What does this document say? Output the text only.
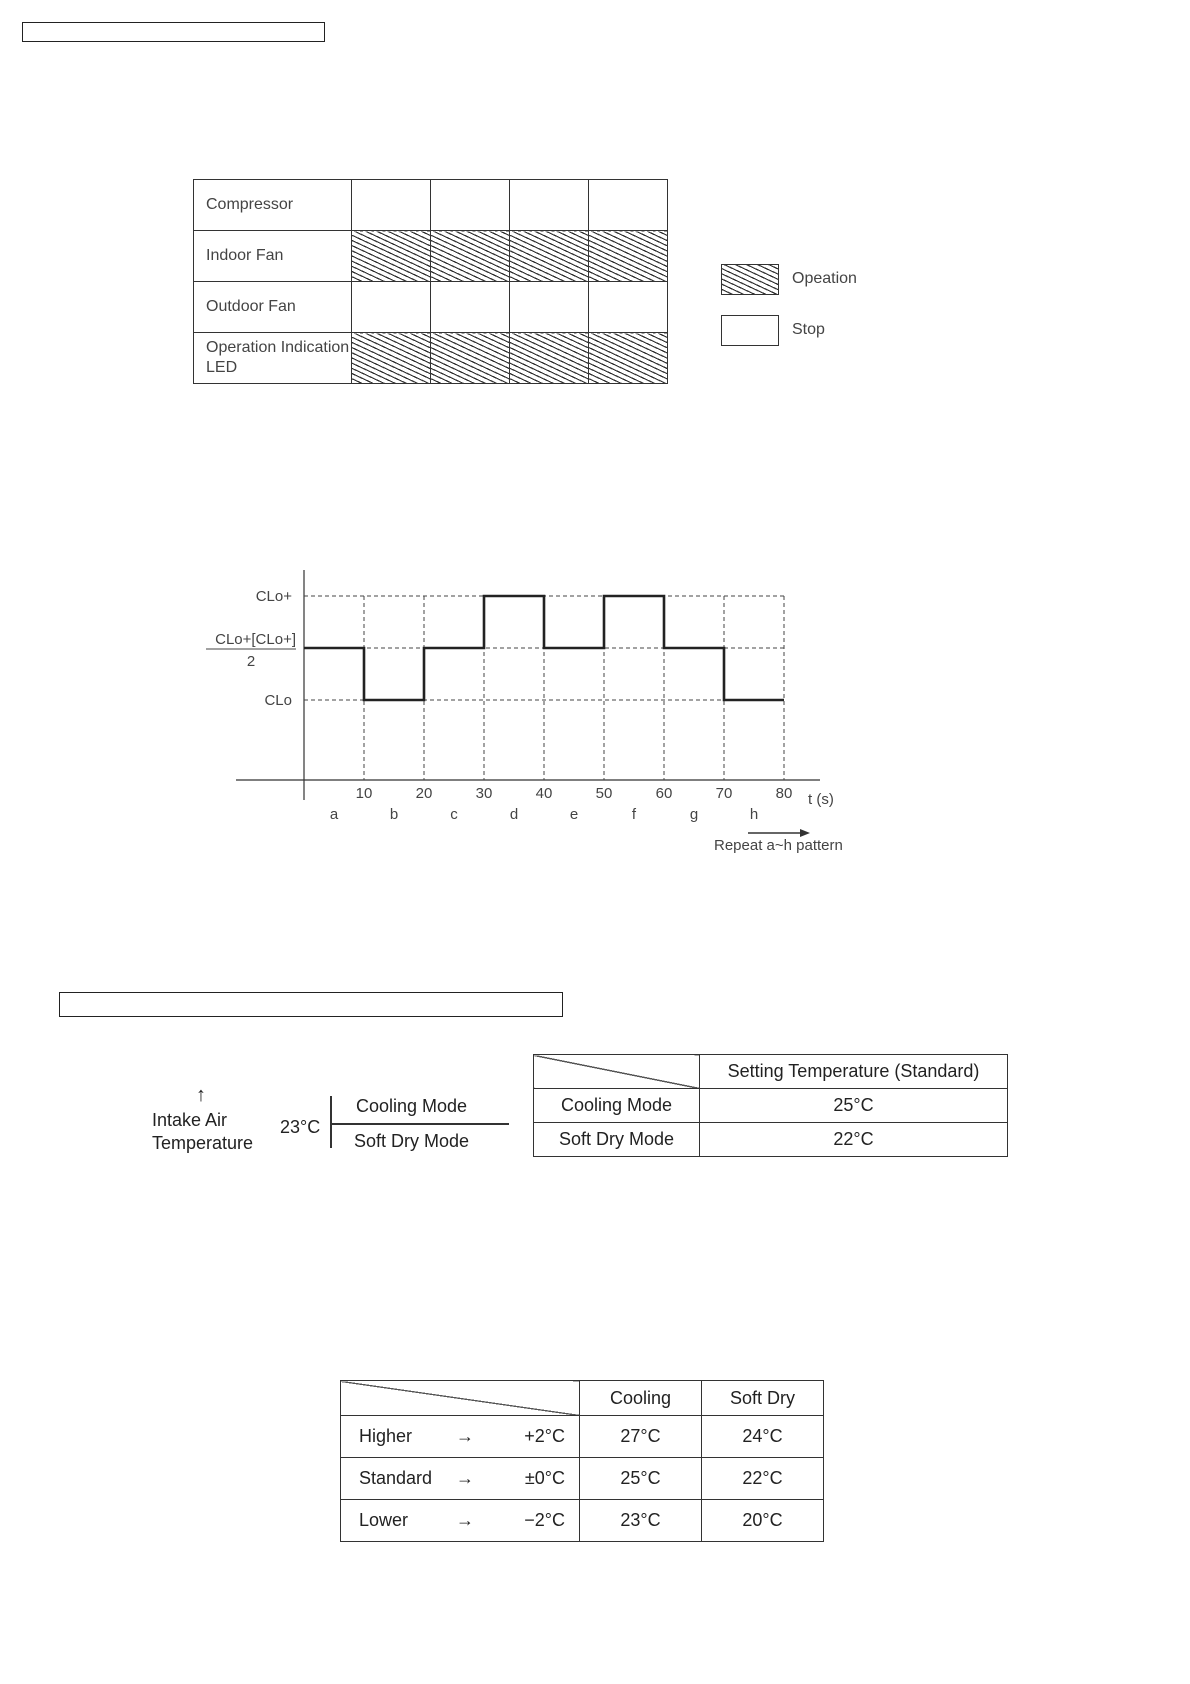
Compressor				
Indoor Fan				
Outdoor Fan				
Operation Indication LED				
Opeation
Stop
CLo+
CLo+[CLo+]
2
CLo
10	20	30	40	50	60	70	80 t (s)
a	b	c	d	e	f	g	h
Repeat a~h pattern
↑
Intake Air
Temperature
23°C
Cooling Mode
Soft Dry Mode
	Setting Temperature (Standard)
Cooling Mode	25°C
Soft Dry Mode	22°C
	Cooling	Soft Dry

Higher → +2°C	27°C	24°C

Standard → ±0°C	25°C	22°C

Lower → −2°C	23°C	20°C
